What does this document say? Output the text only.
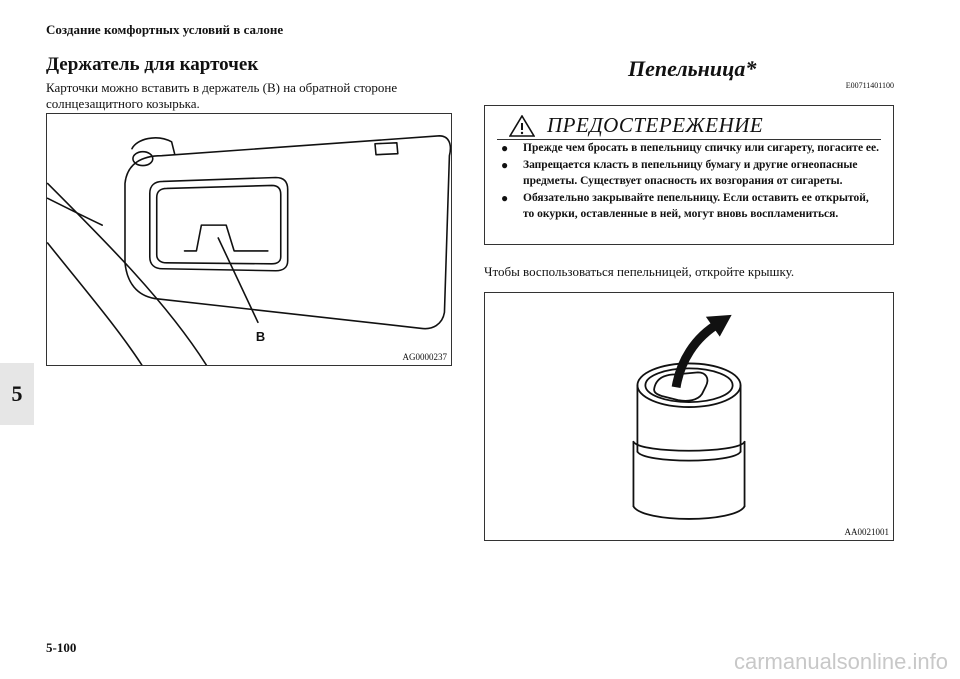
Создание комфортных условий в салоне
5
Держатель для карточек
Карточки можно вставить в держатель (B) на обратной стороне солнцезащитного козырька.
B
AG0000237
Пепельница*
E00711401100
ПРЕДОСТЕРЕЖЕНИЕ
● Прежде чем бросать в пепельницу спичку или сигарету, погасите ее.
● Запрещается класть в пепельницу бумагу и другие огнеопасные предметы. Существует опасность их возгорания от сигареты.
● Обязательно закрывайте пепельницу. Если оставить ее открытой, то окурки, оставленные в ней, могут вновь воспламениться.
Чтобы воспользоваться пепельницей, откройте крышку.
AA0021001
5-100
carmanualsonline.info
